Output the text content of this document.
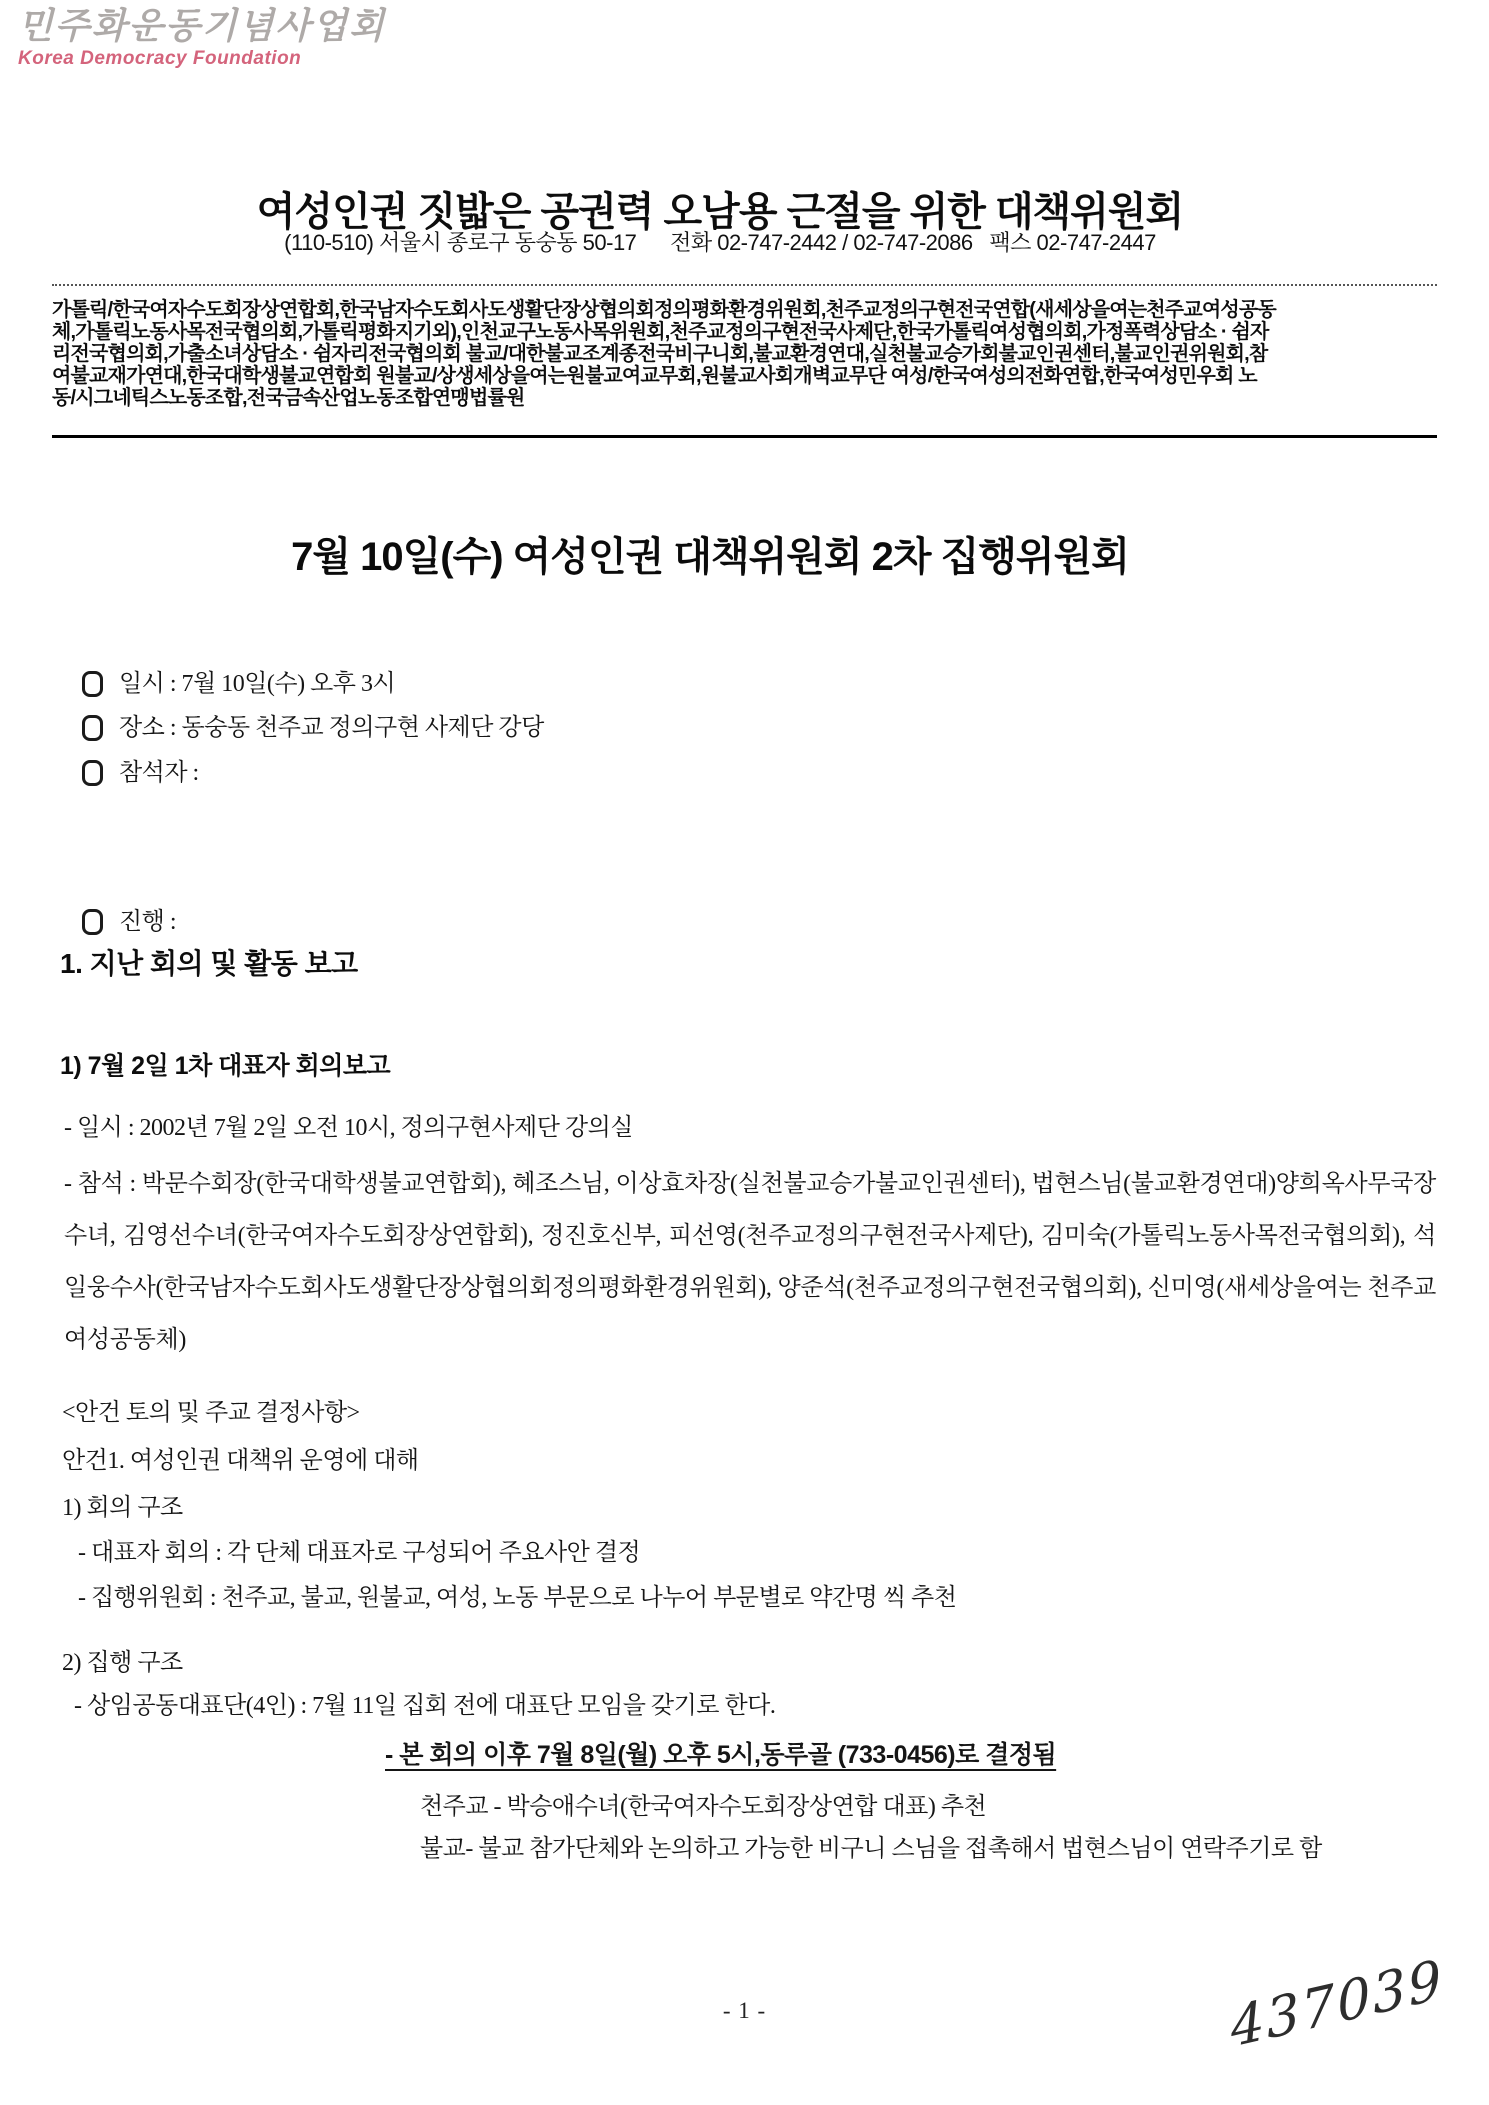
민주화운동기념사업회
Korea Democracy Foundation
여성인권 짓밟은 공권력 오남용 근절을 위한 대책위원회
(110-510) 서울시 종로구 동숭동 50-17      전화 02-747-2442 / 02-747-2086   팩스 02-747-2447
가톨릭/한국여자수도회장상연합회,한국남자수도회사도생활단장상협의회정의평화환경위원회,천주교정의구현전국연합(새세상을여는천주교여성공동
체,가톨릭노동사목전국협의회,가톨릭평화지기외),인천교구노동사목위원회,천주교정의구현전국사제단,한국가톨릭여성협의회,가정폭력상담소 · 쉼자
리전국협의회,가출소녀상담소 · 쉼자리전국협의회 불교/대한불교조계종전국비구니회,불교환경연대,실천불교승가회불교인권센터,불교인권위원회,참
여불교재가연대,한국대학생불교연합회 원불교/상생세상을여는원불교여교무회,원불교사회개벽교무단 여성/한국여성의전화연합,한국여성민우회 노
동/시그네틱스노동조합,전국금속산업노동조합연맹법률원
7월 10일(수) 여성인권 대책위원회 2차 집행위원회
일시 : 7월 10일(수) 오후 3시
장소 : 동숭동 천주교 정의구현 사제단 강당
참석자 :
진행 :
1. 지난 회의 및 활동 보고
1) 7월 2일 1차 대표자 회의보고
- 일시 : 2002년 7월 2일 오전 10시, 정의구현사제단 강의실
- 참석 : 박문수회장(한국대학생불교연합회), 혜조스님, 이상효차장(실천불교승가불교인권센터), 법현스님(불교환경연대)양희옥사무국장수녀, 김영선수녀(한국여자수도회장상연합회), 정진호신부, 피선영(천주교정의구현전국사제단), 김미숙(가톨릭노동사목전국협의회), 석일웅수사(한국남자수도회사도생활단장상협의회정의평화환경위원회), 양준석(천주교정의구현전국협의회), 신미영(새세상을여는 천주교여성공동체)
<안건 토의 및 주교 결정사항>
안건1. 여성인권 대책위 운영에 대해
1) 회의 구조
- 대표자 회의 : 각 단체 대표자로 구성되어 주요사안 결정
- 집행위원회 : 천주교, 불교, 원불교, 여성, 노동 부문으로 나누어 부문별로 약간명 씩 추천
2) 집행 구조
- 상임공동대표단(4인) : 7월 11일 집회 전에 대표단 모임을 갖기로 한다.
- 본 회의 이후 7월 8일(월) 오후 5시,동루골 (733-0456)로 결정됨
천주교 - 박승애수녀(한국여자수도회장상연합 대표) 추천
불교- 불교 참가단체와 논의하고 가능한 비구니 스님을 접촉해서 법현스님이 연락주기로 함
- 1 -	437039
